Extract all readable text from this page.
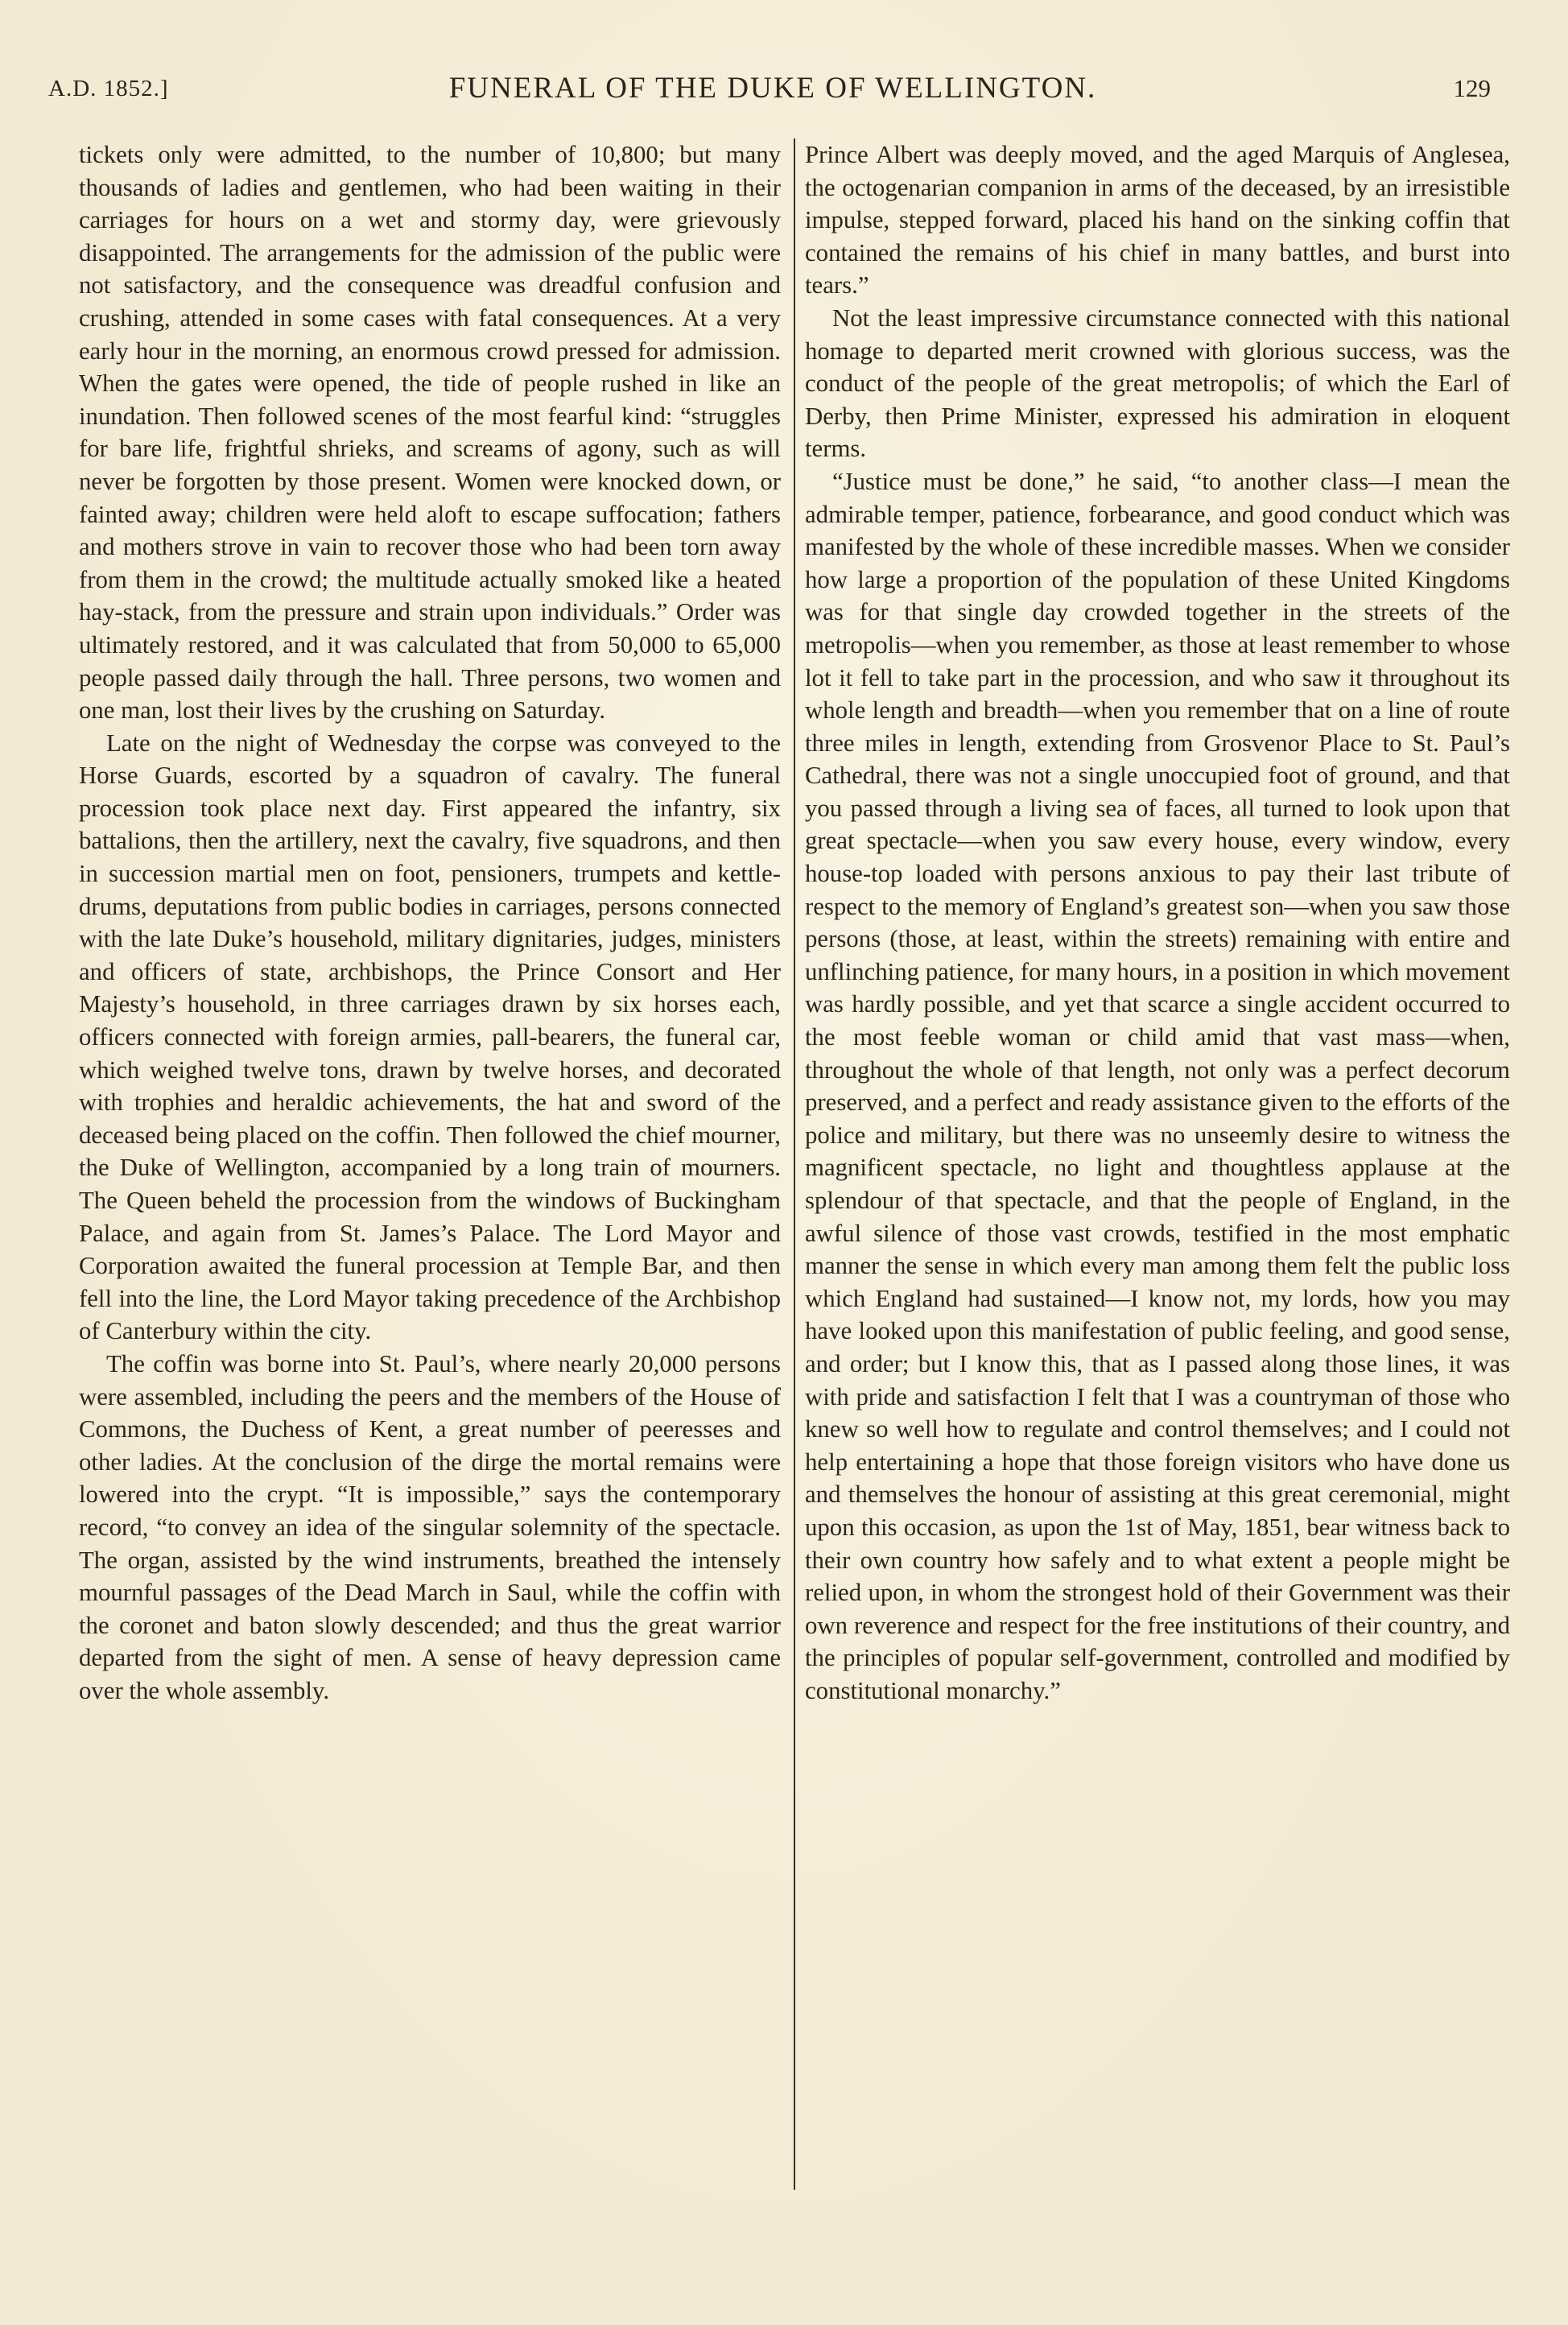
A.D. 1852.]	FUNERAL OF THE DUKE OF WELLINGTON.	129

tickets only were admitted, to the number of 10,800; but many thousands of ladies and gentlemen, who had been waiting in their carriages for hours on a wet and stormy day, were grievously disappointed. The arrangements for the admission of the public were not satisfactory, and the consequence was dreadful confusion and crushing, attended in some cases with fatal consequences. At a very early hour in the morning, an enormous crowd pressed for admission. When the gates were opened, the tide of people rushed in like an inundation. Then followed scenes of the most fearful kind: “struggles for bare life, frightful shrieks, and screams of agony, such as will never be forgotten by those present. Women were knocked down, or fainted away; children were held aloft to escape suffocation; fathers and mothers strove in vain to recover those who had been torn away from them in the crowd; the multitude actually smoked like a heated hay-stack, from the pressure and strain upon individuals.” Order was ultimately restored, and it was calculated that from 50,000 to 65,000 people passed daily through the hall. Three persons, two women and one man, lost their lives by the crushing on Saturday.

Late on the night of Wednesday the corpse was conveyed to the Horse Guards, escorted by a squadron of cavalry. The funeral procession took place next day. First appeared the infantry, six battalions, then the artillery, next the cavalry, five squadrons, and then in succession martial men on foot, pensioners, trumpets and kettle-drums, deputations from public bodies in carriages, persons connected with the late Duke’s household, military dignitaries, judges, ministers and officers of state, archbishops, the Prince Consort and Her Majesty’s household, in three carriages drawn by six horses each, officers connected with foreign armies, pall-bearers, the funeral car, which weighed twelve tons, drawn by twelve horses, and decorated with trophies and heraldic achievements, the hat and sword of the deceased being placed on the coffin. Then followed the chief mourner, the Duke of Wellington, accompanied by a long train of mourners. The Queen beheld the procession from the windows of Buckingham Palace, and again from St. James’s Palace. The Lord Mayor and Corporation awaited the funeral procession at Temple Bar, and then fell into the line, the Lord Mayor taking precedence of the Archbishop of Canterbury within the city.

The coffin was borne into St. Paul’s, where nearly 20,000 persons were assembled, including the peers and the members of the House of Commons, the Duchess of Kent, a great number of peeresses and other ladies. At the conclusion of the dirge the mortal remains were lowered into the crypt. “It is impossible,” says the contemporary record, “to convey an idea of the singular solemnity of the spectacle. The organ, assisted by the wind instruments, breathed the intensely mournful passages of the Dead March in Saul, while the coffin with the coronet and baton slowly descended; and thus the great warrior departed from the sight of men. A sense of heavy depression came over the whole assembly.

Prince Albert was deeply moved, and the aged Marquis of Anglesea, the octogenarian companion in arms of the deceased, by an irresistible impulse, stepped forward, placed his hand on the sinking coffin that contained the remains of his chief in many battles, and burst into tears.”

Not the least impressive circumstance connected with this national homage to departed merit crowned with glorious success, was the conduct of the people of the great metropolis; of which the Earl of Derby, then Prime Minister, expressed his admiration in eloquent terms.

“Justice must be done,” he said, “to another class—I mean the admirable temper, patience, forbearance, and good conduct which was manifested by the whole of these incredible masses. When we consider how large a proportion of the population of these United Kingdoms was for that single day crowded together in the streets of the metropolis—when you remember, as those at least remember to whose lot it fell to take part in the procession, and who saw it throughout its whole length and breadth—when you remember that on a line of route three miles in length, extending from Grosvenor Place to St. Paul’s Cathedral, there was not a single unoccupied foot of ground, and that you passed through a living sea of faces, all turned to look upon that great spectacle—when you saw every house, every window, every house-top loaded with persons anxious to pay their last tribute of respect to the memory of England’s greatest son—when you saw those persons (those, at least, within the streets) remaining with entire and unflinching patience, for many hours, in a position in which movement was hardly possible, and yet that scarce a single accident occurred to the most feeble woman or child amid that vast mass—when, throughout the whole of that length, not only was a perfect decorum preserved, and a perfect and ready assistance given to the efforts of the police and military, but there was no unseemly desire to witness the magnificent spectacle, no light and thoughtless applause at the splendour of that spectacle, and that the people of England, in the awful silence of those vast crowds, testified in the most emphatic manner the sense in which every man among them felt the public loss which England had sustained—I know not, my lords, how you may have looked upon this manifestation of public feeling, and good sense, and order; but I know this, that as I passed along those lines, it was with pride and satisfaction I felt that I was a countryman of those who knew so well how to regulate and control themselves; and I could not help entertaining a hope that those foreign visitors who have done us and themselves the honour of assisting at this great ceremonial, might upon this occasion, as upon the 1st of May, 1851, bear witness back to their own country how safely and to what extent a people might be relied upon, in whom the strongest hold of their Government was their own reverence and respect for the free institutions of their country, and the principles of popular self-government, controlled and modified by constitutional monarchy.”
